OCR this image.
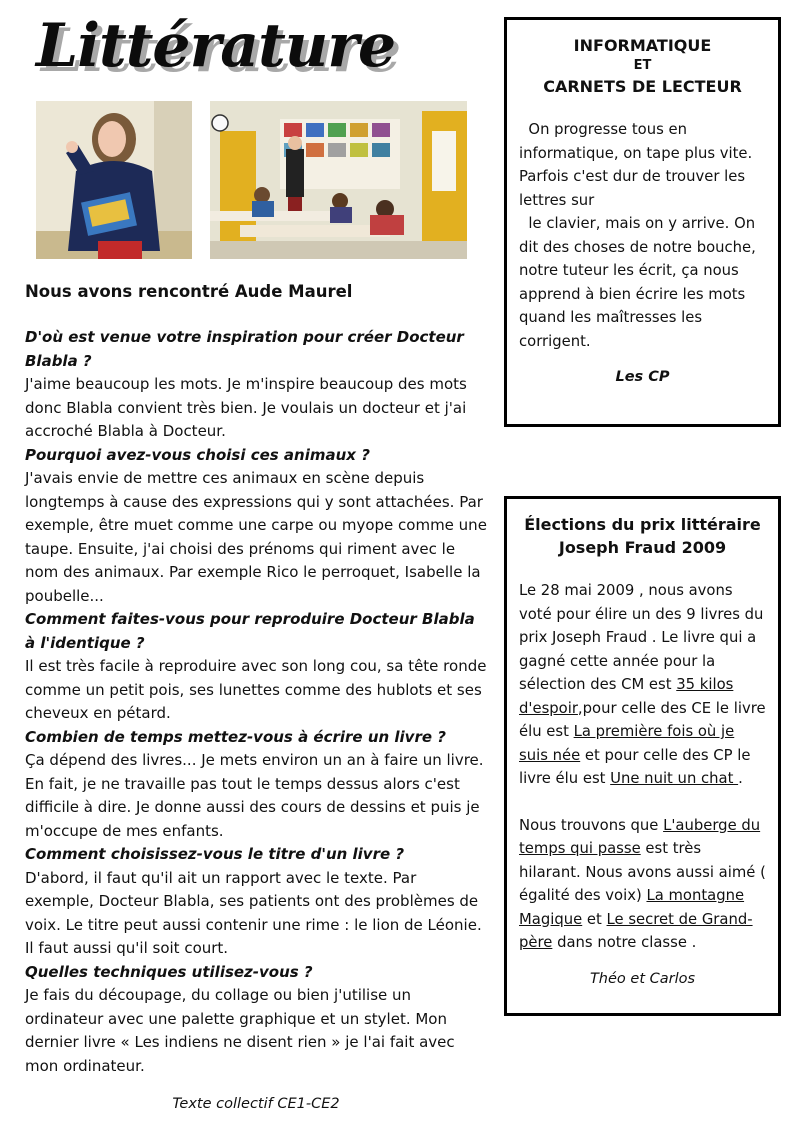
Littérature
Nous avons rencontré Aude Maurel

D'où est venue votre inspiration pour créer Docteur Blabla ?

J'aime beaucoup les mots. Je m'inspire beaucoup des mots donc Blabla convient très bien. Je voulais un docteur et j'ai accroché Blabla à Docteur.

Pourquoi avez-vous choisi ces animaux ?

J'avais envie de mettre ces animaux en scène depuis longtemps à cause des expressions qui y sont attachées. Par exemple, être muet comme une carpe ou myope comme une taupe. Ensuite, j'ai choisi des prénoms qui riment avec le nom des animaux. Par exemple Rico le perroquet, Isabelle la poubelle...

Comment faites-vous pour reproduire Docteur Blabla à l'identique ?

Il est très facile à reproduire avec son long cou, sa tête ronde comme un petit pois, ses lunettes comme des hublots et ses cheveux en pétard.

Combien de temps mettez-vous à écrire un livre ?

Ça dépend des livres... Je mets environ un an à faire un livre. En fait, je ne travaille pas tout le temps dessus alors c'est difficile à dire. Je donne aussi des cours de dessins et puis je m'occupe de mes enfants.

Comment choisissez-vous le titre d'un livre ?

D'abord, il faut qu'il ait un rapport avec le texte. Par exemple, Docteur Blabla, ses patients ont des problèmes de voix. Le titre peut aussi contenir une rime : le lion de Léonie. Il faut aussi qu'il soit court.

Quelles techniques utilisez-vous ?

Je fais du découpage, du collage ou bien j'utilise un ordinateur avec une palette graphique et un stylet. Mon dernier livre « Les indiens ne disent rien » je l'ai fait avec mon ordinateur.

Texte collectif CE1-CE2
INFORMATIQUE

ET
CARNETS DE LECTEUR

On progresse tous en informatique, on tape plus vite. Parfois c'est dur de trouver les lettres sur

le clavier, mais on y arrive. On dit des choses de notre bouche, notre tuteur les écrit, ça nous apprend à bien écrire les mots quand les maîtresses les corrigent.

Les CP
Élections du prix littéraire
Joseph Fraud 2009

Le 28 mai 2009 , nous avons voté pour élire un des 9 livres du prix Joseph Fraud . Le livre qui a gagné cette année pour la sélection des CM est 35 kilos d'espoir,pour celle des CE le livre élu est La première fois où je suis née et pour celle des CP le livre élu est Une nuit un chat .

Nous trouvons que L'auberge du temps qui passe est très hilarant. Nous avons aussi aimé ( égalité des voix) La montagne Magique et Le secret de Grand-père dans notre classe .

Théo et Carlos
